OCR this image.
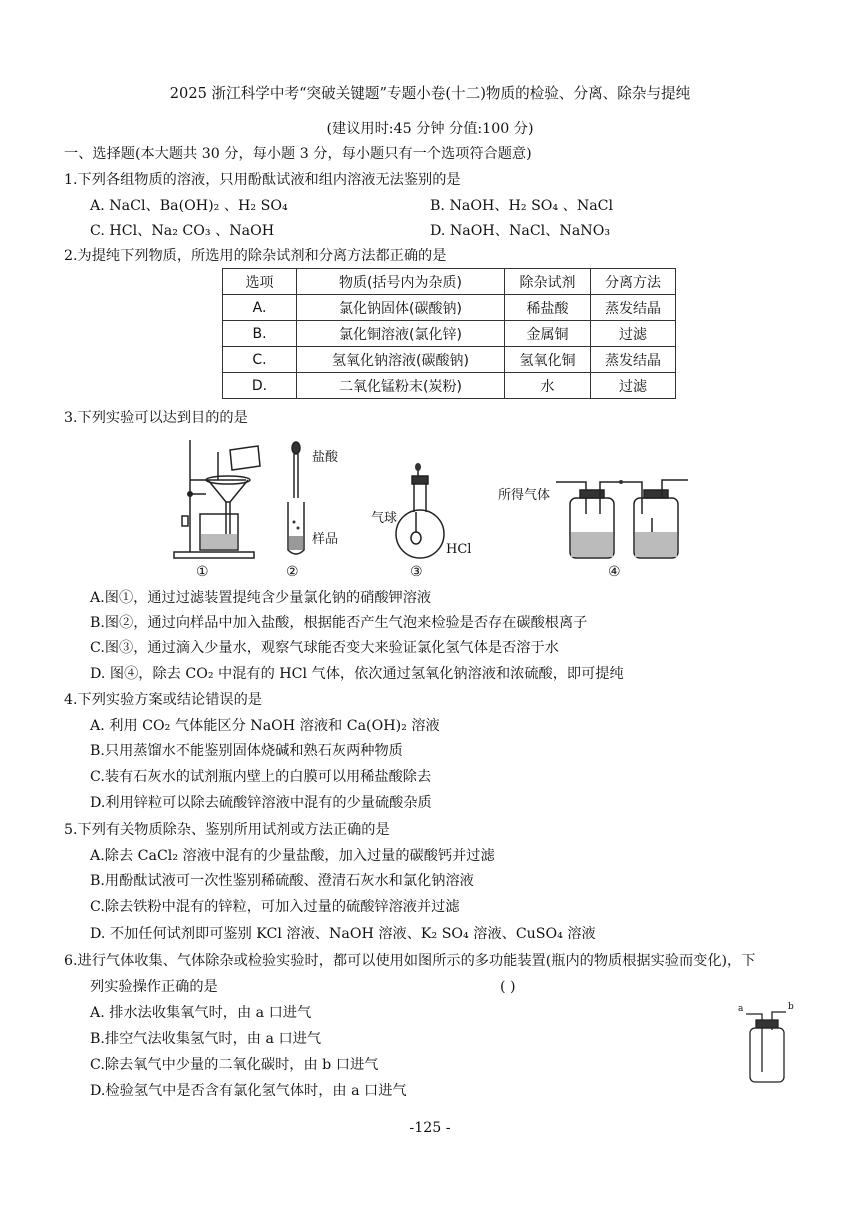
2025 浙江科学中考“突破关键题”专题小卷(十二)物质的检验、分离、除杂与提纯
(建议用时:45 分钟 分值:100 分)
一、选择题(本大题共 30 分，每小题 3 分，每小题只有一个选项符合题意)
1.下列各组物质的溶液，只用酚酞试液和组内溶液无法鉴别的是
A. NaCl、Ba(OH)₂ 、H₂ SO₄	B. NaOH、H₂ SO₄ 、NaCl
C. HCl、Na₂ CO₃ 、NaOH	D. NaOH、NaCl、NaNO₃
2.为提纯下列物质，所选用的除杂试剂和分离方法都正确的是
选项	物质(括号内为杂质)	除杂试剂	分离方法
A.	氯化钠固体(碳酸钠)	稀盐酸	蒸发结晶
B.	氯化铜溶液(氯化锌)	金属铜	过滤
C.	氢氧化钠溶液(碳酸钠)	氢氧化铜	蒸发结晶
D.	二氧化锰粉末(炭粉)	水	过滤
3.下列实验可以达到目的的是
①
盐酸
样品
②
气球
HCl
③
所得气体
④
A.图①，通过过滤装置提纯含少量氯化钠的硝酸钾溶液
B.图②，通过向样品中加入盐酸，根据能否产生气泡来检验是否存在碳酸根离子
C.图③，通过滴入少量水，观察气球能否变大来验证氯化氢气体是否溶于水
D. 图④，除去 CO₂ 中混有的 HCl 气体，依次通过氢氧化钠溶液和浓硫酸，即可提纯
4.下列实验方案或结论错误的是
A. 利用 CO₂ 气体能区分 NaOH 溶液和 Ca(OH)₂ 溶液
B.只用蒸馏水不能鉴别固体烧碱和熟石灰两种物质
C.装有石灰水的试剂瓶内壁上的白膜可以用稀盐酸除去
D.利用锌粒可以除去硫酸锌溶液中混有的少量硫酸杂质
5.下列有关物质除杂、鉴别所用试剂或方法正确的是
A.除去 CaCl₂ 溶液中混有的少量盐酸，加入过量的碳酸钙并过滤
B.用酚酞试液可一次性鉴别稀硫酸、澄清石灰水和氯化钠溶液
C.除去铁粉中混有的锌粒，可加入过量的硫酸锌溶液并过滤
D. 不加任何试剂即可鉴别 KCl 溶液、NaOH 溶液、K₂ SO₄ 溶液、CuSO₄ 溶液
6.进行气体收集、气体除杂或检验实验时，都可以使用如图所示的多功能装置(瓶内的物质根据实验而变化)，下
列实验操作正确的是	( )
A. 排水法收集氧气时，由 a 口进气
B.排空气法收集氢气时，由 a 口进气
C.除去氧气中少量的二氧化碳时，由 b 口进气
D.检验氢气中是否含有氯化氢气体时，由 a 口进气
a	b
-125 -
